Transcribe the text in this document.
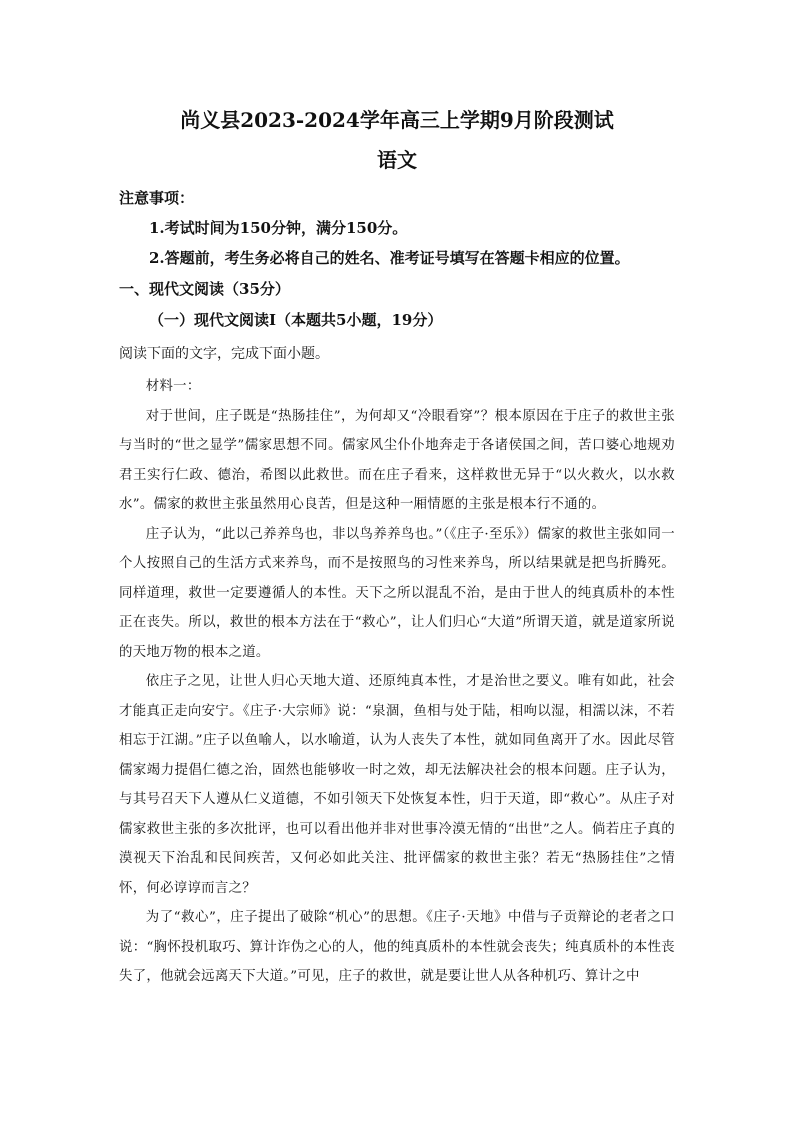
尚义县2023-2024学年高三上学期9月阶段测试
语文
注意事项：
1.考试时间为150分钟，满分150分。
2.答题前，考生务必将自己的姓名、准考证号填写在答题卡相应的位置。
一、现代文阅读（35分）
（一）现代文阅读Ⅰ（本题共5小题，19分）
阅读下面的文字，完成下面小题。

材料一：

对于世间，庄子既是“热肠挂住”，为何却又“冷眼看穿”？根本原因在于庄子的救世主张与当时的“世之显学”儒家思想不同。儒家风尘仆仆地奔走于各诸侯国之间，苦口婆心地规劝君王实行仁政、德治，希图以此救世。而在庄子看来，这样救世无异于“以火救火，以水救水”。儒家的救世主张虽然用心良苦，但是这种一厢情愿的主张是根本行不通的。

庄子认为，“此以己养养鸟也，非以鸟养养鸟也。”（《庄子·至乐》）儒家的救世主张如同一个人按照自己的生活方式来养鸟，而不是按照鸟的习性来养鸟，所以结果就是把鸟折腾死。同样道理，救世一定要遵循人的本性。天下之所以混乱不治，是由于世人的纯真质朴的本性正在丧失。所以，救世的根本方法在于“救心”，让人们归心“大道”所谓天道，就是道家所说的天地万物的根本之道。

依庄子之见，让世人归心天地大道、还原纯真本性，才是治世之要义。唯有如此，社会才能真正走向安宁。《庄子·大宗师》说：“泉涸，鱼相与处于陆，相呴以湿，相濡以沫，不若相忘于江湖。”庄子以鱼喻人，以水喻道，认为人丧失了本性，就如同鱼离开了水。因此尽管儒家竭力提倡仁德之治，固然也能够收一时之效，却无法解决社会的根本问题。庄子认为，与其号召天下人遵从仁义道德，不如引领天下处恢复本性，归于天道，即“救心”。从庄子对儒家救世主张的多次批评，也可以看出他并非对世事冷漠无情的“出世”之人。倘若庄子真的漠视天下治乱和民间疾苦，又何必如此关注、批评儒家的救世主张？若无“热肠挂住”之情怀，何必谆谆而言之？

为了“救心”，庄子提出了破除“机心”的思想。《庄子·天地》中借与子贡辩论的老者之口说：“胸怀投机取巧、算计诈伪之心的人，他的纯真质朴的本性就会丧失；纯真质朴的本性丧失了，他就会远离天下大道。”可见，庄子的救世，就是要让世人从各种机巧、算计之中
